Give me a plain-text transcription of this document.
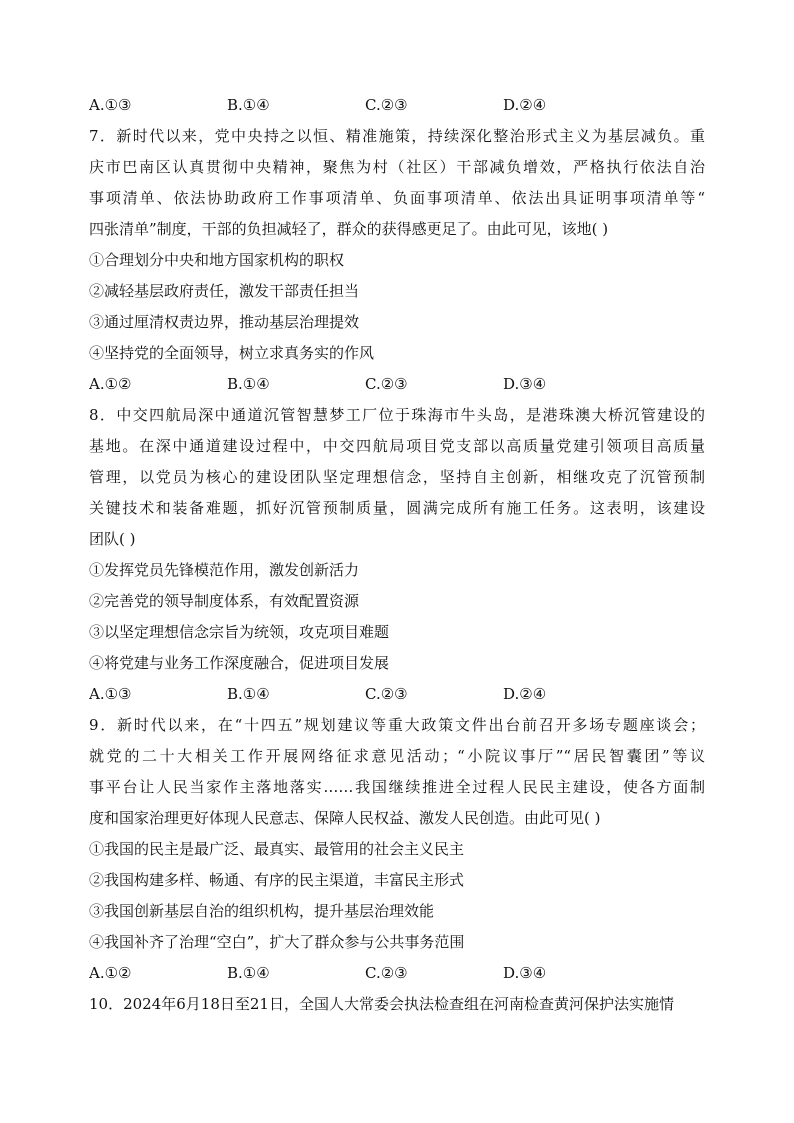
A.①③	B.①④	C.②③	D.②④
7．新时代以来，党中央持之以恒、精准施策，持续深化整治形式主义为基层减负。重
庆市巴南区认真贯彻中央精神，聚焦为村（社区）干部减负增效，严格执行依法自治
事项清单、依法协助政府工作事项清单、负面事项清单、依法出具证明事项清单等“
四张清单”制度，干部的负担减轻了，群众的获得感更足了。由此可见，该地( )
①合理划分中央和地方国家机构的职权
②减轻基层政府责任，激发干部责任担当
③通过厘清权责边界，推动基层治理提效
④坚持党的全面领导，树立求真务实的作风
A.①②	B.①④	C.②③	D.③④
8．中交四航局深中通道沉管智慧梦工厂位于珠海市牛头岛，是港珠澳大桥沉管建设的
基地。在深中通道建设过程中，中交四航局项目党支部以高质量党建引领项目高质量
管理，以党员为核心的建设团队坚定理想信念，坚持自主创新，相继攻克了沉管预制
关键技术和装备难题，抓好沉管预制质量，圆满完成所有施工任务。这表明，该建设
团队( )
①发挥党员先锋模范作用，激发创新活力
②完善党的领导制度体系，有效配置资源
③以坚定理想信念宗旨为统领，攻克项目难题
④将党建与业务工作深度融合，促进项目发展
A.①③	B.①④	C.②③	D.②④
9．新时代以来，在“十四五”规划建议等重大政策文件出台前召开多场专题座谈会；
就党的二十大相关工作开展网络征求意见活动；“小院议事厅”“居民智囊团”等议
事平台让人民当家作主落地落实……我国继续推进全过程人民民主建设，使各方面制
度和国家治理更好体现人民意志、保障人民权益、激发人民创造。由此可见( )
①我国的民主是最广泛、最真实、最管用的社会主义民主
②我国构建多样、畅通、有序的民主渠道，丰富民主形式
③我国创新基层自治的组织机构，提升基层治理效能
④我国补齐了治理“空白”，扩大了群众参与公共事务范围
A.①②	B.①④	C.②③	D.③④
10．2024年6月18日至21日，全国人大常委会执法检查组在河南检查黄河保护法实施情
